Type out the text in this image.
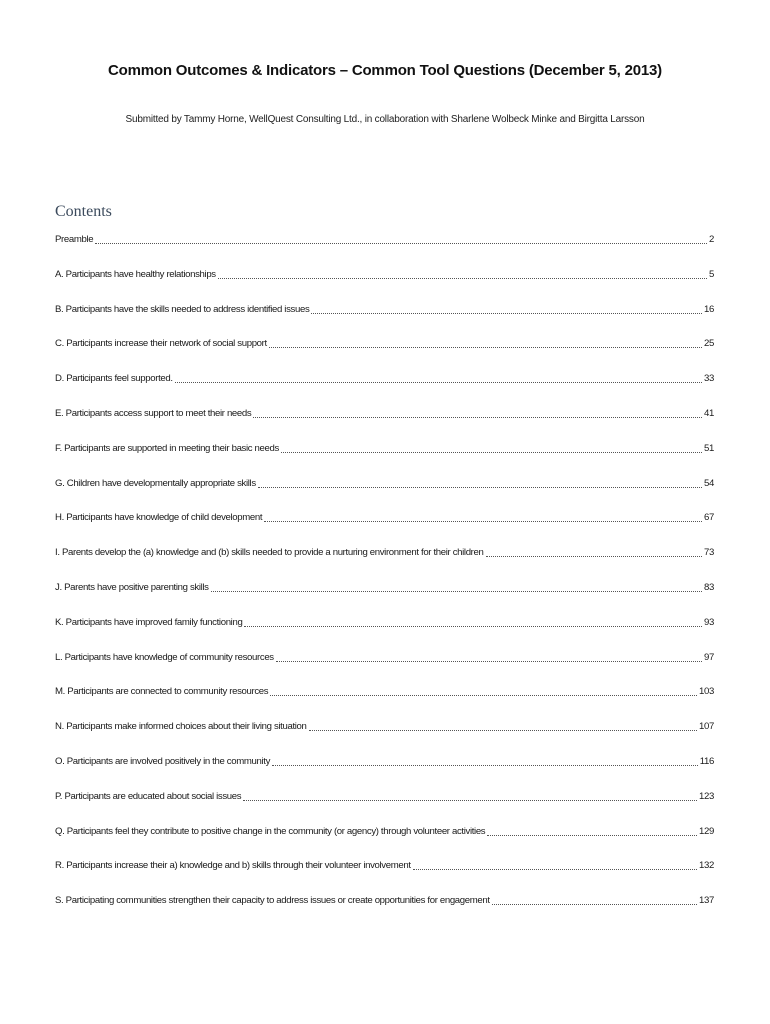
Common Outcomes & Indicators – Common Tool Questions (December 5, 2013)
Submitted by Tammy Horne, WellQuest Consulting Ltd., in collaboration with Sharlene Wolbeck Minke and Birgitta Larsson
Contents
Preamble	2
A. Participants have healthy relationships	5
B. Participants have the skills needed to address identified issues	16
C. Participants increase their network of social support	25
D. Participants feel supported.	33
E. Participants access support to meet their needs	41
F. Participants are supported in meeting their basic needs	51
G. Children have developmentally appropriate skills	54
H. Participants have knowledge of child development	67
I. Parents develop the (a) knowledge and (b) skills needed to provide a nurturing environment for their children	73
J. Parents have positive parenting skills	83
K. Participants have improved family functioning	93
L. Participants have knowledge of community resources	97
M. Participants are connected to community resources	103
N. Participants make informed choices about their living situation	107
O. Participants are involved positively in the community	116
P. Participants are educated about social issues	123
Q. Participants feel they contribute to positive change in the community (or agency) through volunteer activities	129
R. Participants increase their a) knowledge and b) skills through their volunteer involvement	132
S. Participating communities strengthen their capacity to address issues or create opportunities for engagement	137
